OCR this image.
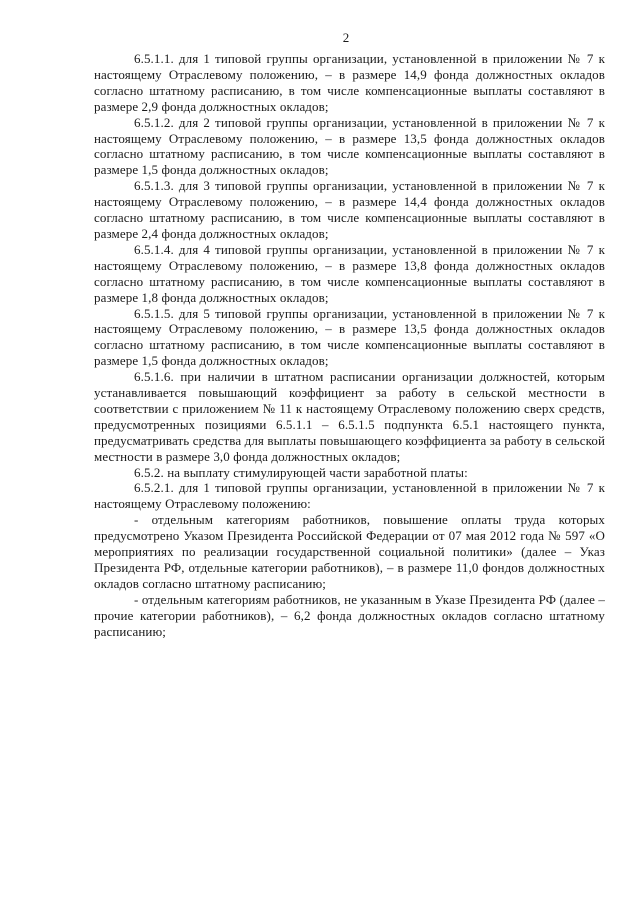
2

6.5.1.1. для 1 типовой группы организации, установленной в приложении № 7 к настоящему Отраслевому положению, – в размере 14,9 фонда должностных окладов согласно штатному расписанию, в том числе компенсационные выплаты составляют в размере 2,9 фонда должностных окладов;

6.5.1.2. для 2 типовой группы организации, установленной в приложении № 7 к настоящему Отраслевому положению, – в размере 13,5 фонда должностных окладов согласно штатному расписанию, в том числе компенсационные выплаты составляют в размере 1,5 фонда должностных окладов;

6.5.1.3. для 3 типовой группы организации, установленной в приложении № 7 к настоящему Отраслевому положению, – в размере 14,4 фонда должностных окладов согласно штатному расписанию, в том числе компенсационные выплаты составляют в размере 2,4 фонда должностных окладов;

6.5.1.4. для 4 типовой группы организации, установленной в приложении № 7 к настоящему Отраслевому положению, – в размере 13,8 фонда должностных окладов согласно штатному расписанию, в том числе компенсационные выплаты составляют в размере 1,8 фонда должностных окладов;

6.5.1.5. для 5 типовой группы организации, установленной в приложении № 7 к настоящему Отраслевому положению, – в размере 13,5 фонда должностных окладов согласно штатному расписанию, в том числе компенсационные выплаты составляют в размере 1,5 фонда должностных окладов;

6.5.1.6. при наличии в штатном расписании организации должностей, которым устанавливается повышающий коэффициент за работу в сельской местности в соответствии с приложением № 11 к настоящему Отраслевому положению сверх средств, предусмотренных позициями 6.5.1.1 – 6.5.1.5 подпункта 6.5.1 настоящего пункта, предусматривать средства для выплаты повышающего коэффициента за работу в сельской местности в размере 3,0 фонда должностных окладов;

6.5.2. на выплату стимулирующей части заработной платы:

6.5.2.1. для 1 типовой группы организации, установленной в приложении № 7 к настоящему Отраслевому положению:

- отдельным категориям работников, повышение оплаты труда которых предусмотрено Указом Президента Российской Федерации от 07 мая 2012 года № 597 «О мероприятиях по реализации государственной социальной политики» (далее – Указ Президента РФ, отдельные категории работников), – в размере 11,0 фондов должностных окладов согласно штатному расписанию;

- отдельным категориям работников, не указанным в Указе Президента РФ (далее – прочие категории работников), – 6,2 фонда должностных окладов согласно штатному расписанию;
